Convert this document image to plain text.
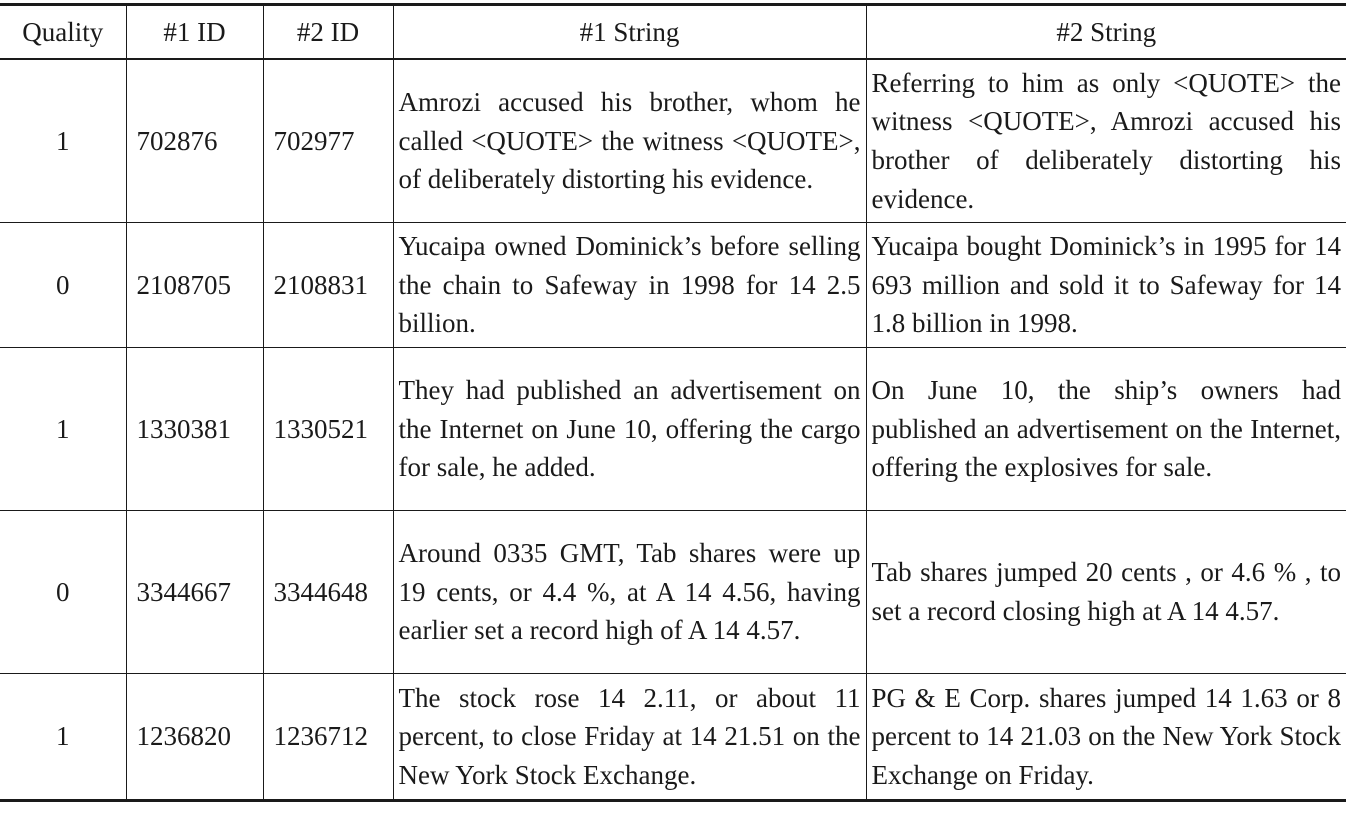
Quality	#1 ID	#2 ID	#1 String	#2 String
1	702876	702977	Amrozi accused his brother, whom he called <QUOTE> the witness <QUOTE>, of deliberately distorting his evidence.	Referring to him as only <QUOTE> the witness <QUOTE>, Amrozi accused his brother of deliberately distorting his evidence.
0	2108705	2108831	Yucaipa owned Dominick’s before selling the chain to Safeway in 1998 for 14 2.5 billion.	Yucaipa bought Dominick’s in 1995 for 14 693 million and sold it to Safeway for 14 1.8 billion in 1998.
1	1330381	1330521	They had published an advertisement on the Internet on June 10, offering the cargo for sale, he added.	On June 10, the ship’s owners had published an advertisement on the Internet, offering the explosives for sale.
0	3344667	3344648	Around 0335 GMT, Tab shares were up 19 cents, or 4.4 %, at A 14 4.56, having earlier set a record high of A 14 4.57.	Tab shares jumped 20 cents , or 4.6 % , to set a record closing high at A 14 4.57.
1	1236820	1236712	The stock rose 14 2.11, or about 11 percent, to close Friday at 14 21.51 on the New York Stock Exchange.	PG & E Corp. shares jumped 14 1.63 or 8 percent to 14 21.03 on the New York Stock Exchange on Friday.
